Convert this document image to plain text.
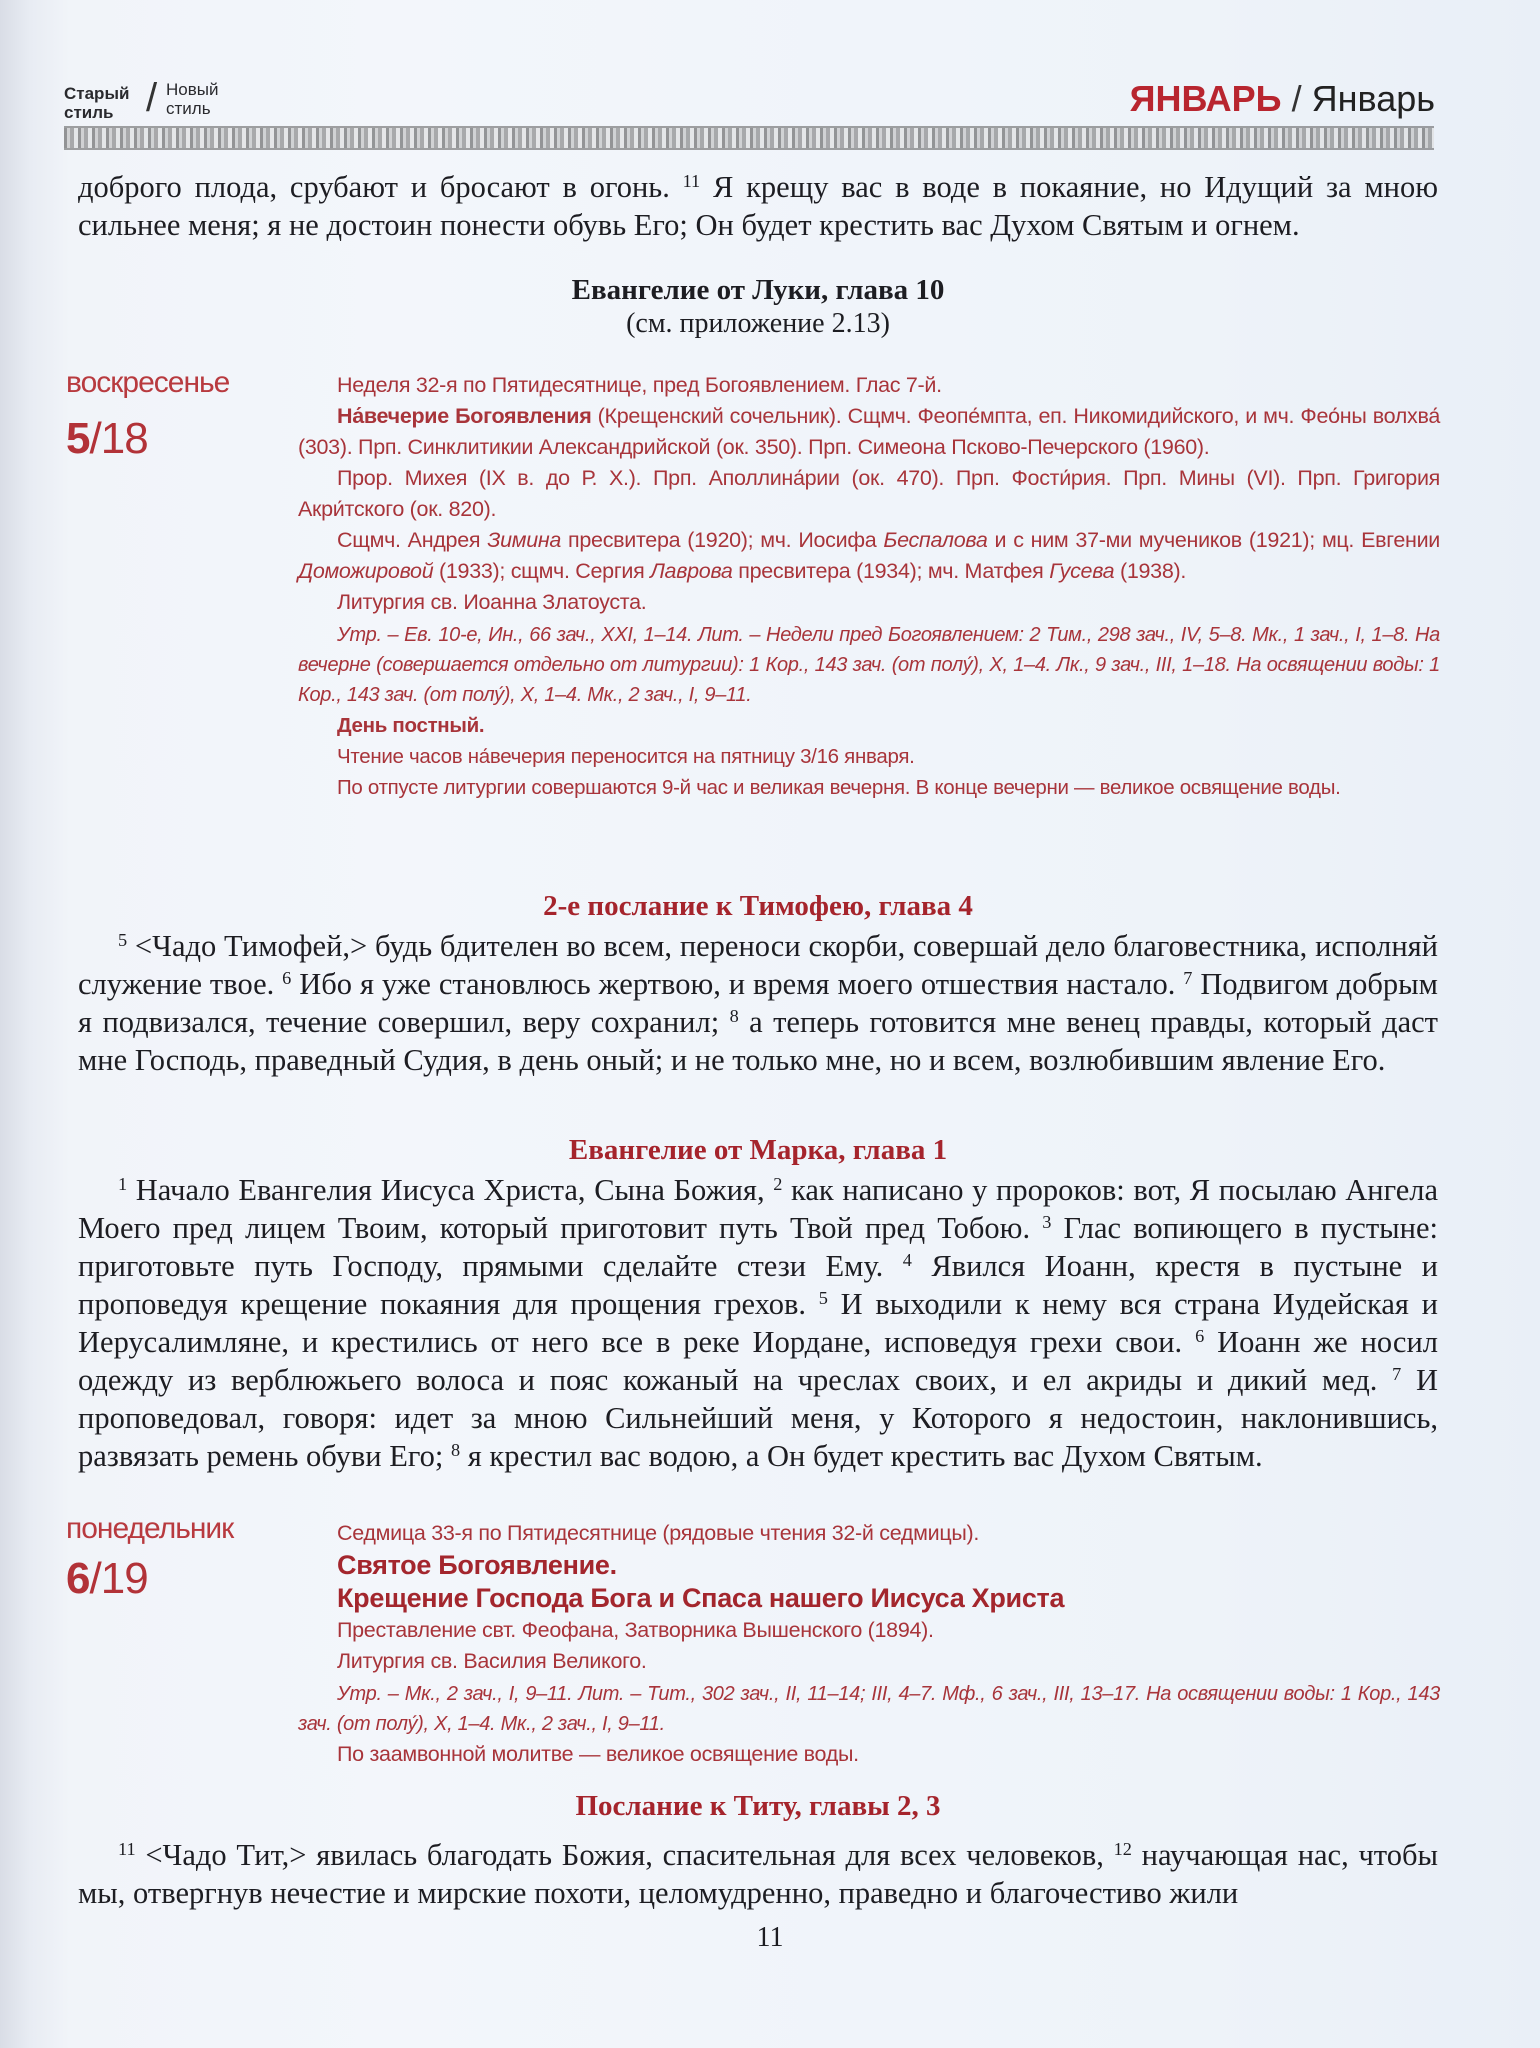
Старый стиль / Новый стиль	ЯНВАРЬ / Январь
доброго плода, срубают и бросают в огонь. $^{11}$ Я крещу вас в воде в покаяние, но Идущий за мною сильнее меня; я не достоин понести обувь Его; Он будет крестить вас Духом Святым и огнем.
Евангелие от Луки, глава 10
(см. приложение 2.13)
воскресенье
5/18

Неделя 32-я по Пятидесятнице, пред Богоявлением. Глас 7-й.

На́вечерие Богоявления (Крещенский сочельник). Сщмч. Феопе́мпта, еп. Никомидийского, и мч. Фео́ны волхва́ (303). Прп. Синклитикии Александрийской (ок. 350). Прп. Симеона Псково-Печерского (1960).

Прор. Михея (IX в. до Р. Х.). Прп. Аполлина́рии (ок. 470). Прп. Фости́рия. Прп. Мины (VI). Прп. Григория Акри́тского (ок. 820).

Сщмч. Андрея Зимина пресвитера (1920); мч. Иосифа Беспалова и с ним 37-ми мучеников (1921); мц. Евгении Доможировой (1933); сщмч. Сергия Лаврова пресвитера (1934); мч. Матфея Гусева (1938).

Литургия св. Иоанна Златоуста.

Утр. – Ев. 10-е, Ин., 66 зач., XXI, 1–14. Лит. – Недели пред Богоявлением: 2 Тим., 298 зач., IV, 5–8. Мк., 1 зач., I, 1–8. На вечерне (совершается отдельно от литургии): 1 Кор., 143 зач. (от полу́), X, 1–4. Лк., 9 зач., III, 1–18. На освящении воды: 1 Кор., 143 зач. (от полу́), X, 1–4. Мк., 2 зач., I, 9–11.

День постный.

Чтение часов на́вечерия переносится на пятницу 3/16 января.

По отпусте литургии совершаются 9-й час и великая вечерня. В конце вечерни — великое освящение воды.

2-е послание к Тимофею, глава 4
$^5$ <Чадо Тимофей,> будь бдителен во всем, переноси скорби, совершай дело благовестника, исполняй служение твое. $^6$ Ибо я уже становлюсь жертвою, и время моего отшествия настало. $^7$ Подвигом добрым я подвизался, течение совершил, веру сохранил; $^8$ а теперь готовится мне венец правды, который даст мне Господь, праведный Судия, в день оный; и не только мне, но и всем, возлюбившим явление Его.
Евангелие от Марка, глава 1
$^1$ Начало Евангелия Иисуса Христа, Сына Божия, $^2$ как написано у пророков: вот, Я посылаю Ангела Моего пред лицем Твоим, который приготовит путь Твой пред Тобою. $^3$ Глас вопиющего в пустыне: приготовьте путь Господу, прямыми сделайте стези Ему. $^4$ Явился Иоанн, крестя в пустыне и проповедуя крещение покаяния для прощения грехов. $^5$ И выходили к нему вся страна Иудейская и Иерусалимляне, и крестились от него все в реке Иордане, исповедуя грехи свои. $^6$ Иоанн же носил одежду из верблюжьего волоса и пояс кожаный на чреслах своих, и ел акриды и дикий мед. $^7$ И проповедовал, говоря: идет за мною Сильнейший меня, у Которого я недостоин, наклонившись, развязать ремень обуви Его; $^8$ я крестил вас водою, а Он будет крестить вас Духом Святым.
понедельник
6/19

Седмица 33-я по Пятидесятнице (рядовые чтения 32-й седмицы).

Святое Богоявление.

Крещение Господа Бога и Спаса нашего Иисуса Христа

Преставление свт. Феофана, Затворника Вышенского (1894).

Литургия св. Василия Великого.

Утр. – Мк., 2 зач., I, 9–11. Лит. – Тит., 302 зач., II, 11–14; III, 4–7. Мф., 6 зач., III, 13–17. На освящении воды: 1 Кор., 143 зач. (от полу́), X, 1–4. Мк., 2 зач., I, 9–11.

По заамвонной молитве — великое освящение воды.

Послание к Титу, главы 2, 3
$^{11}$ <Чадо Тит,> явилась благодать Божия, спасительная для всех человеков, $^{12}$ научающая нас, чтобы мы, отвергнув нечестие и мирские похоти, целомудренно, праведно и благочестиво жили
11
